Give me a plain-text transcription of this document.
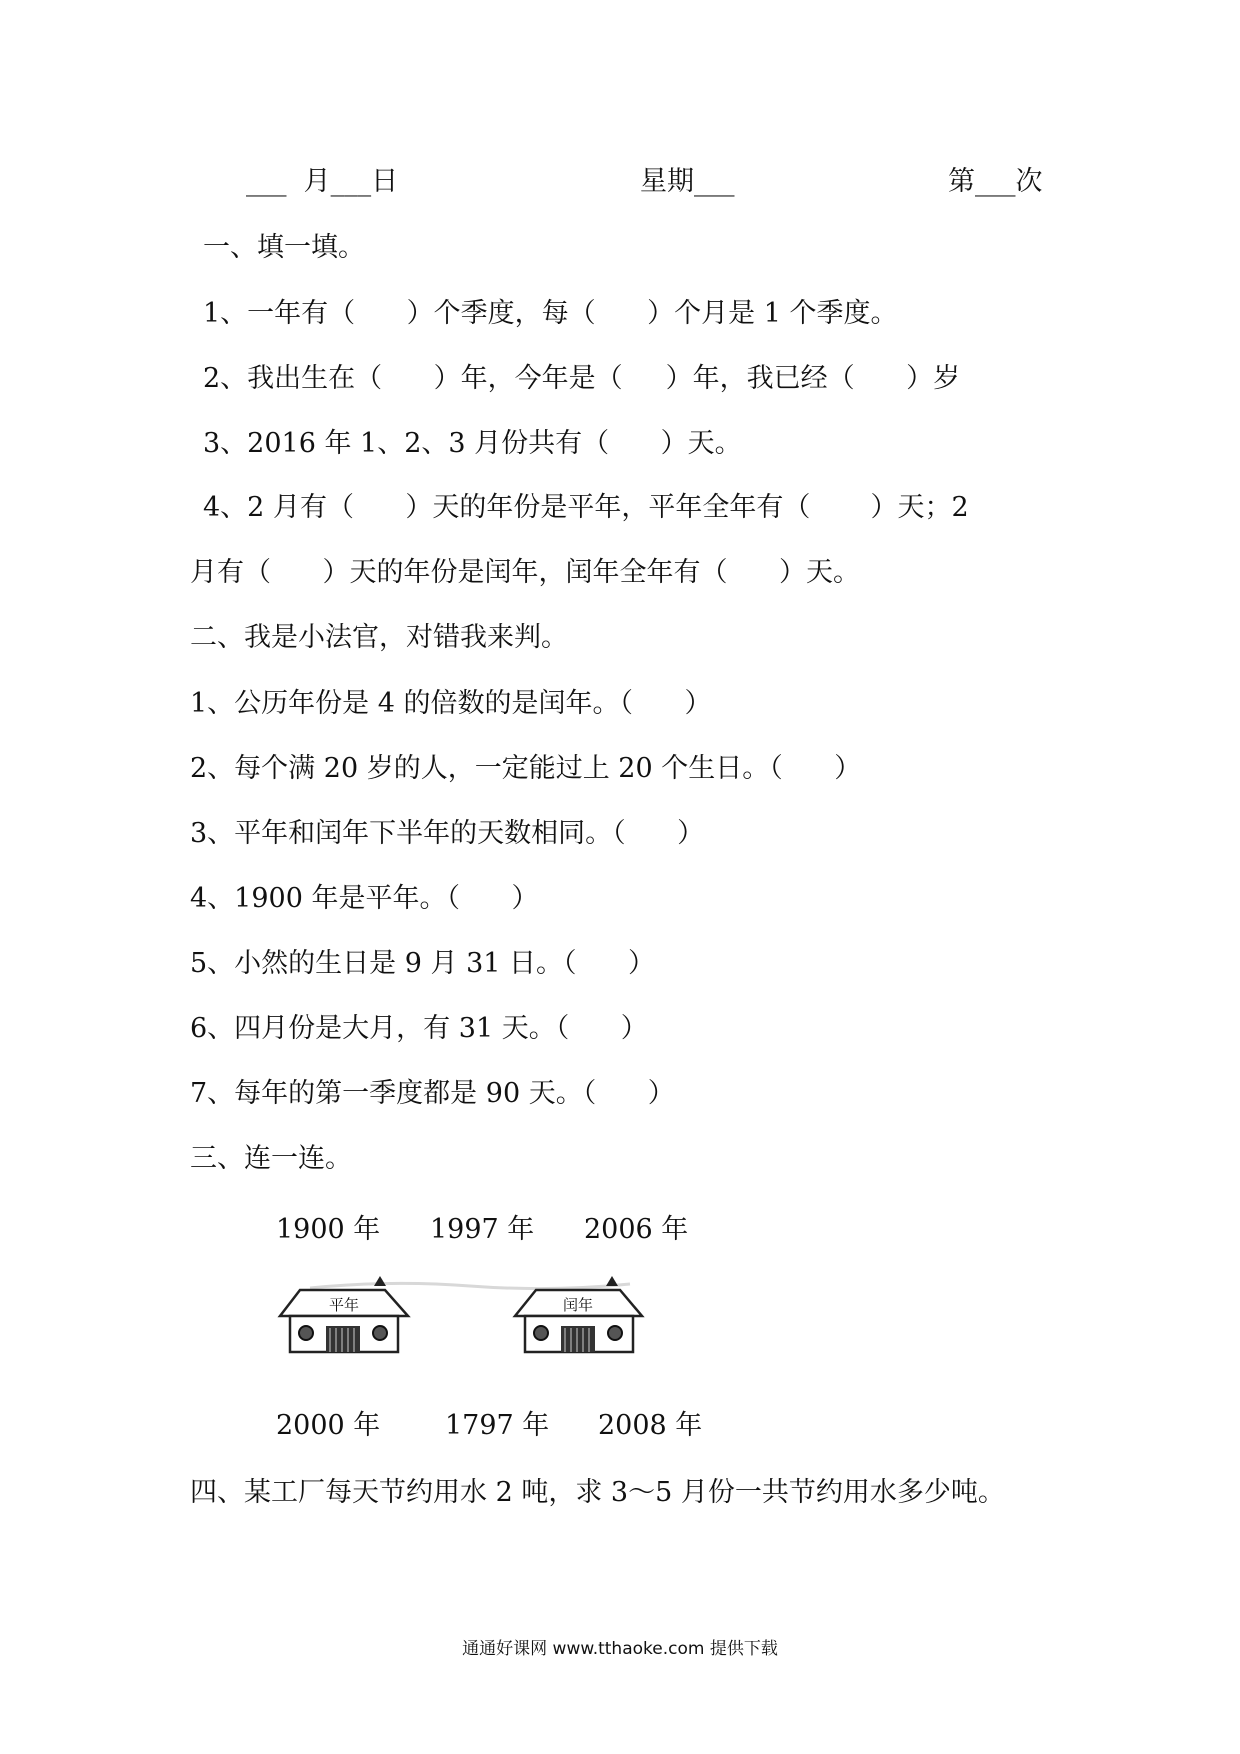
___  月___日	星期___	第___次
一、填一填。
1、一年有（      ）个季度，每（      ）个月是 1 个季度。
2、我出生在（      ）年，今年是（     ）年，我已经（      ）岁
3、2016 年 1、2、3 月份共有（      ）天。
4、2 月有（      ）天的年份是平年，平年全年有（       ）天；2
月有（      ）天的年份是闰年，闰年全年有（      ）天。
二、我是小法官，对错我来判。
1、公历年份是 4 的倍数的是闰年。（      ）
2、每个满 20 岁的人，一定能过上 20 个生日。（      ）
3、平年和闰年下半年的天数相同。（      ）
4、1900 年是平年。（      ）
5、小然的生日是 9 月 31 日。（      ）
6、四月份是大月，有 31 天。（      ）
7、每年的第一季度都是 90 天。（      ）
三、连一连。
1900 年 1997 年 2006 年
平年	闰年
2000 年 1797 年 2008 年
四、某工厂每天节约用水 2 吨，求 3～5 月份一共节约用水多少吨。
通通好课网 www.tthaoke.com 提供下载
